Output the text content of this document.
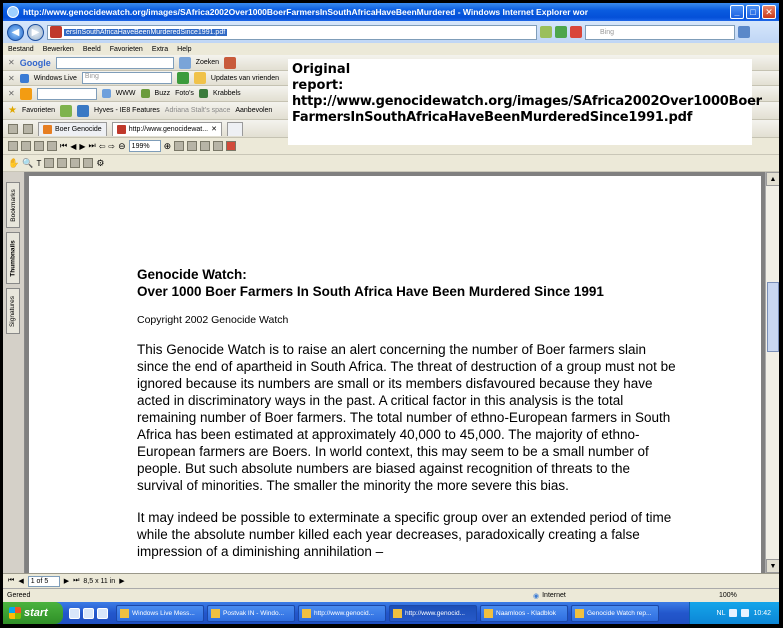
http://www.genocidewatch.org/images/SAfrica2002Over1000BoerFarmersInSouthAfricaHaveBeenMurdered - Windows Internet Explorer wor	_	□	✕
◀	▶	ersInSouthAfricaHaveBeenMurderedSince1991.pdf	Bing
Bestand Bewerken Beeld Favorieten Extra Help
✕ Google	Zoeken
✕	Windows Live	Bing	Updates van vrienden
✕	WWW	Buzz Foto's	Krabbels
★ Favorieten	Hyves - IE8 Features Adriana Stalt's space Aanbevolen
Boer Genocide	http://www.genocidewat... ✕
⏮ ◀ ▶ ⏭ ⇦ ⇨ ⊖ 199%	⊕
✋ 🔍 T	⚙
Original
report:
http://www.genocidewatch.org/images/SAfrica2002Over1000Boer
FarmersInSouthAfricaHaveBeenMurderedSince1991.pdf
Bookmarks
Thumbnails
Signatures
Genocide Watch:
Over 1000 Boer Farmers In South Africa Have Been Murdered Since 1991
Copyright 2002 Genocide Watch

This Genocide Watch is to raise an alert concerning the number of Boer farmers slain since the end of apartheid in South Africa. The threat of destruction of a group must not be ignored because its numbers are small or its members disfavoured because they have acted in discriminatory ways in the past. A critical factor in this analysis is the total remaining number of Boer farmers. The total number of ethno-European farmers in South Africa has been estimated at approximately 40,000 to 45,000. The majority of ethno-European farmers are Boers. In world context, this may seem to be a small number of people. But such absolute numbers are biased against recognition of threats to the survival of minorities. The smaller the minority the more severe this bias.

It may indeed be possible to exterminate a specific group over an extended period of time while the absolute number killed each year decreases, paradoxically creating a false impression of a diminishing annihilation –

▲
▼
⏮ ◀	1 of 5	▶ ⏭ 8,5 x 11 in ▶
Gereed	◉ Internet	100%
start	Windows Live Mess...	Postvak IN - Windo...	http://www.genocid...	http://www.genocid...	Naamloos - Kladblok	Genocide Watch rep...	NL	10:42
